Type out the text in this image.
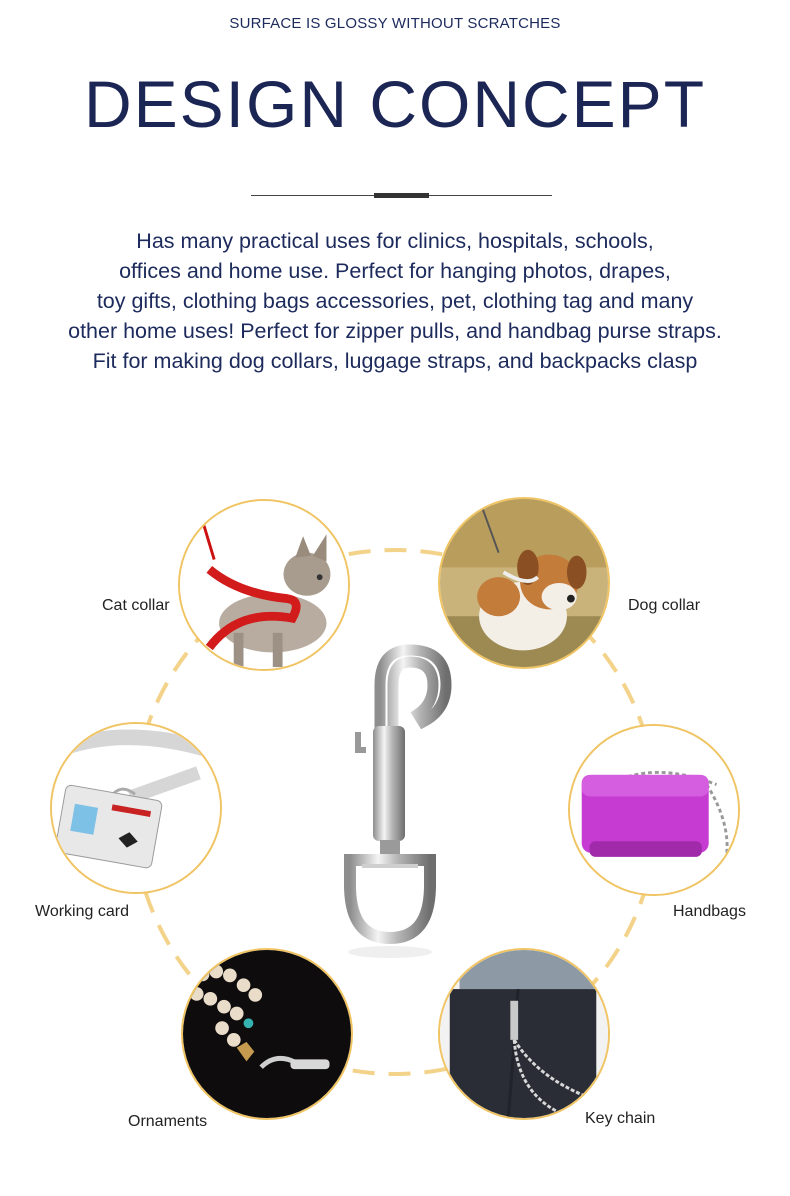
SURFACE IS GLOSSY WITHOUT SCRATCHES
DESIGN CONCEPT
Has many practical uses for clinics, hospitals, schools,
offices and home use. Perfect for hanging photos, drapes,
toy gifts, clothing bags accessories, pet, clothing tag and many
other home uses! Perfect for zipper pulls, and handbag purse straps.
Fit for making dog collars, luggage straps, and backpacks clasp
Cat collar	Dog collar
Working card	Handbags
Ornaments	Key chain
